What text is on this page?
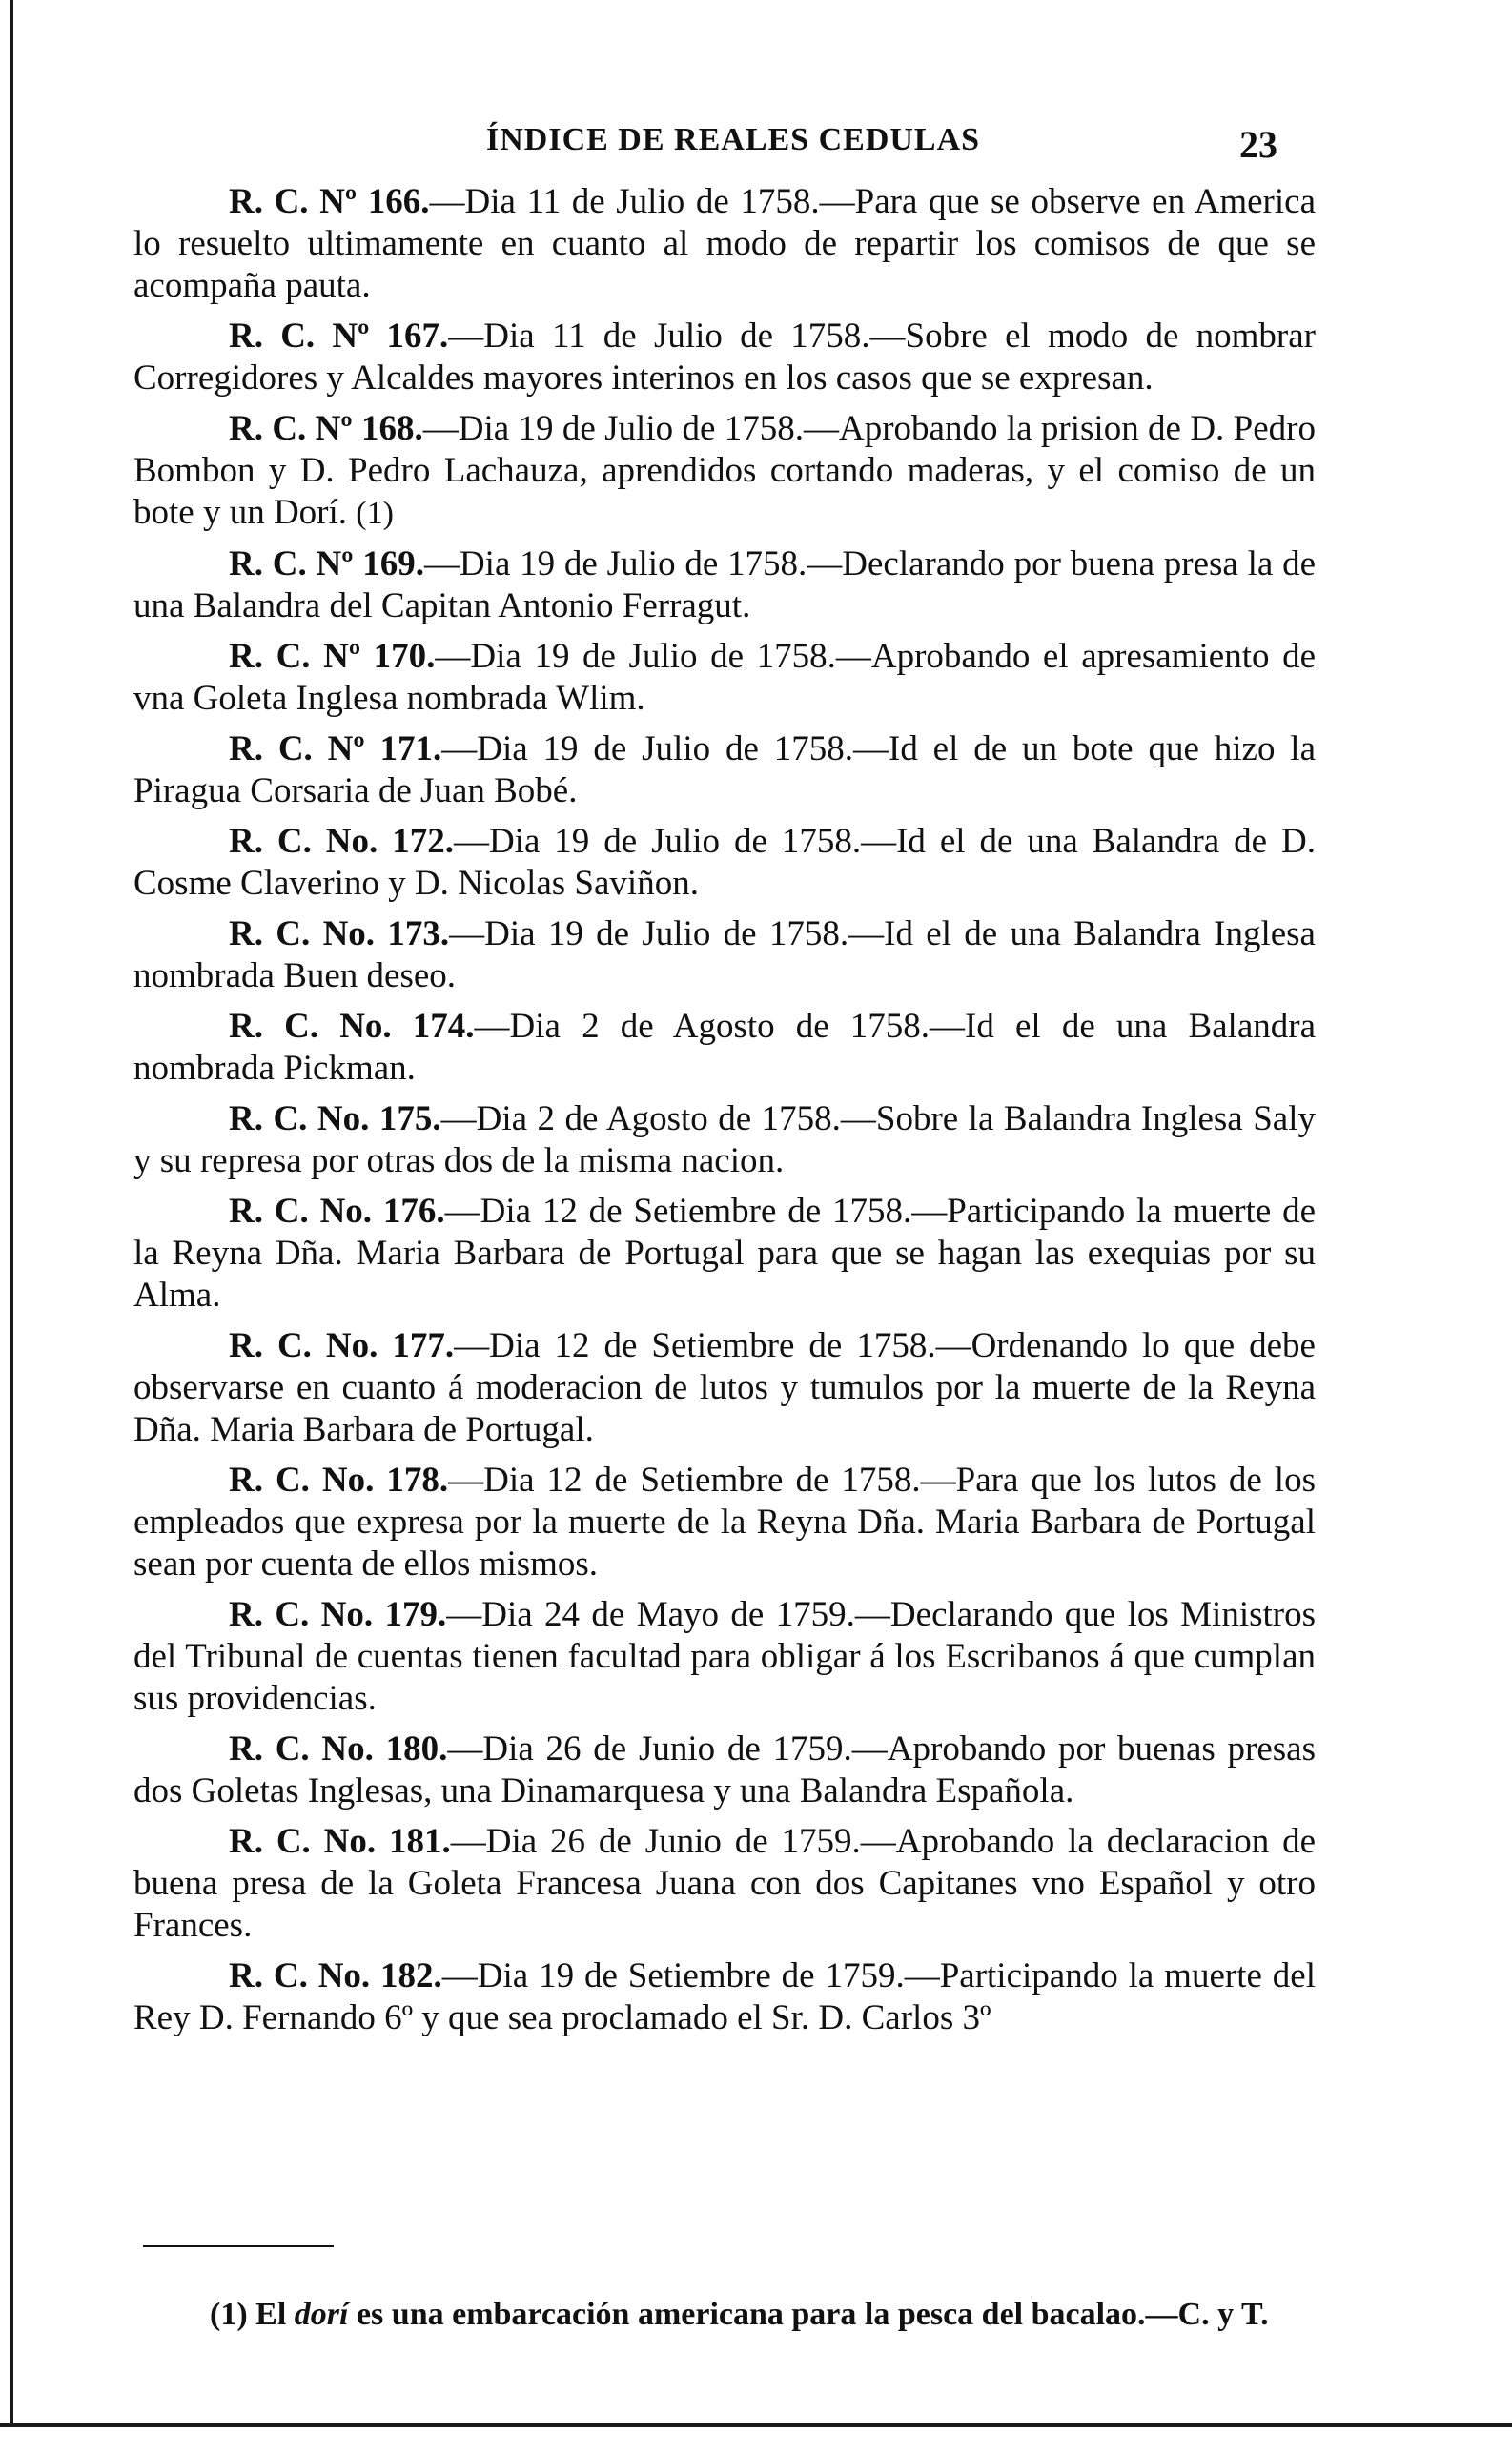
ÍNDICE DE REALES CEDULAS	23

R. C. Nº 166.—Dia 11 de Julio de 1758.—Para que se observe en America lo resuelto ultimamente en cuanto al modo de repartir los comisos de que se acompaña pauta.

R. C. Nº 167.—Dia 11 de Julio de 1758.—Sobre el modo de nombrar Corregidores y Alcaldes mayores interinos en los casos que se expresan.

R. C. Nº 168.—Dia 19 de Julio de 1758.—Aprobando la prision de D. Pedro Bombon y D. Pedro Lachauza, aprendidos cortando maderas, y el comiso de un bote y un Dorí. (1)

R. C. Nº 169.—Dia 19 de Julio de 1758.—Declarando por buena presa la de una Balandra del Capitan Antonio Ferragut.

R. C. Nº 170.—Dia 19 de Julio de 1758.—Aprobando el apresamiento de vna Goleta Inglesa nombrada Wlim.

R. C. Nº 171.—Dia 19 de Julio de 1758.—Id el de un bote que hizo la Piragua Corsaria de Juan Bobé.

R. C. No. 172.—Dia 19 de Julio de 1758.—Id el de una Balandra de D. Cosme Claverino y D. Nicolas Saviñon.

R. C. No. 173.—Dia 19 de Julio de 1758.—Id el de una Balandra Inglesa nombrada Buen deseo.

R. C. No. 174.—Dia 2 de Agosto de 1758.—Id el de una Balandra nombrada Pickman.

R. C. No. 175.—Dia 2 de Agosto de 1758.—Sobre la Balandra Inglesa Saly y su represa por otras dos de la misma nacion.

R. C. No. 176.—Dia 12 de Setiembre de 1758.—Participando la muerte de la Reyna Dña. Maria Barbara de Portugal para que se hagan las exequias por su Alma.

R. C. No. 177.—Dia 12 de Setiembre de 1758.—Ordenando lo que debe observarse en cuanto á moderacion de lutos y tumulos por la muerte de la Reyna Dña. Maria Barbara de Portugal.

R. C. No. 178.—Dia 12 de Setiembre de 1758.—Para que los lutos de los empleados que expresa por la muerte de la Reyna Dña. Maria Barbara de Portugal sean por cuenta de ellos mismos.

R. C. No. 179.—Dia 24 de Mayo de 1759.—Declarando que los Ministros del Tribunal de cuentas tienen facultad para obligar á los Escribanos á que cumplan sus providencias.

R. C. No. 180.—Dia 26 de Junio de 1759.—Aprobando por buenas presas dos Goletas Inglesas, una Dinamarquesa y una Balandra Española.

R. C. No. 181.—Dia 26 de Junio de 1759.—Aprobando la declaracion de buena presa de la Goleta Francesa Juana con dos Capitanes vno Español y otro Frances.

R. C. No. 182.—Dia 19 de Setiembre de 1759.—Participando la muerte del Rey D. Fernando 6º y que sea proclamado el Sr. D. Carlos 3º

(1) El dorí es una embarcación americana para la pesca del bacalao.—C. y T.
